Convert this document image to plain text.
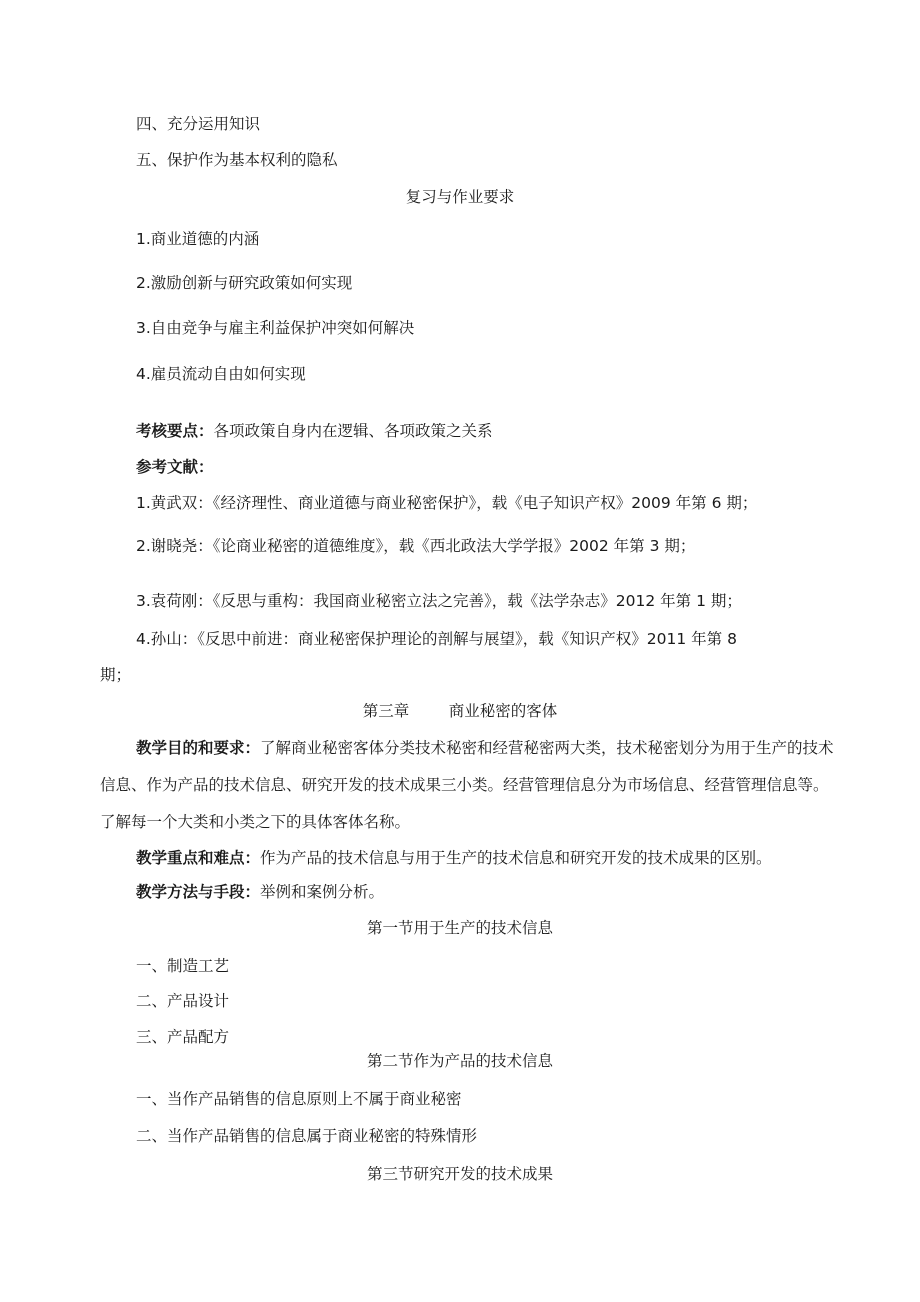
四、充分运用知识
五、保护作为基本权利的隐私
复习与作业要求
1.商业道德的内涵
2.激励创新与研究政策如何实现
3.自由竞争与雇主利益保护冲突如何解决
4.雇员流动自由如何实现
考核要点：各项政策自身内在逻辑、各项政策之关系
参考文献：
1.黄武双：《经济理性、商业道德与商业秘密保护》，载《电子知识产权》2009 年第 6 期；
2.谢晓尧：《论商业秘密的道德维度》，载《西北政法大学学报》2002 年第 3 期；
3.袁荷刚：《反思与重构：我国商业秘密立法之完善》，载《法学杂志》2012 年第 1 期；
4.孙山：《反思中前进：商业秘密保护理论的剖解与展望》，载《知识产权》2011 年第 8
期；
第三章        商业秘密的客体
教学目的和要求：了解商业秘密客体分类技术秘密和经营秘密两大类，技术秘密划分为用于生产的技术信息、作为产品的技术信息、研究开发的技术成果三小类。经营管理信息分为市场信息、经营管理信息等。了解每一个大类和小类之下的具体客体名称。
教学重点和难点：作为产品的技术信息与用于生产的技术信息和研究开发的技术成果的区别。
教学方法与手段：举例和案例分析。
第一节用于生产的技术信息
一、制造工艺
二、产品设计
三、产品配方
第二节作为产品的技术信息
一、当作产品销售的信息原则上不属于商业秘密
二、当作产品销售的信息属于商业秘密的特殊情形
第三节研究开发的技术成果
